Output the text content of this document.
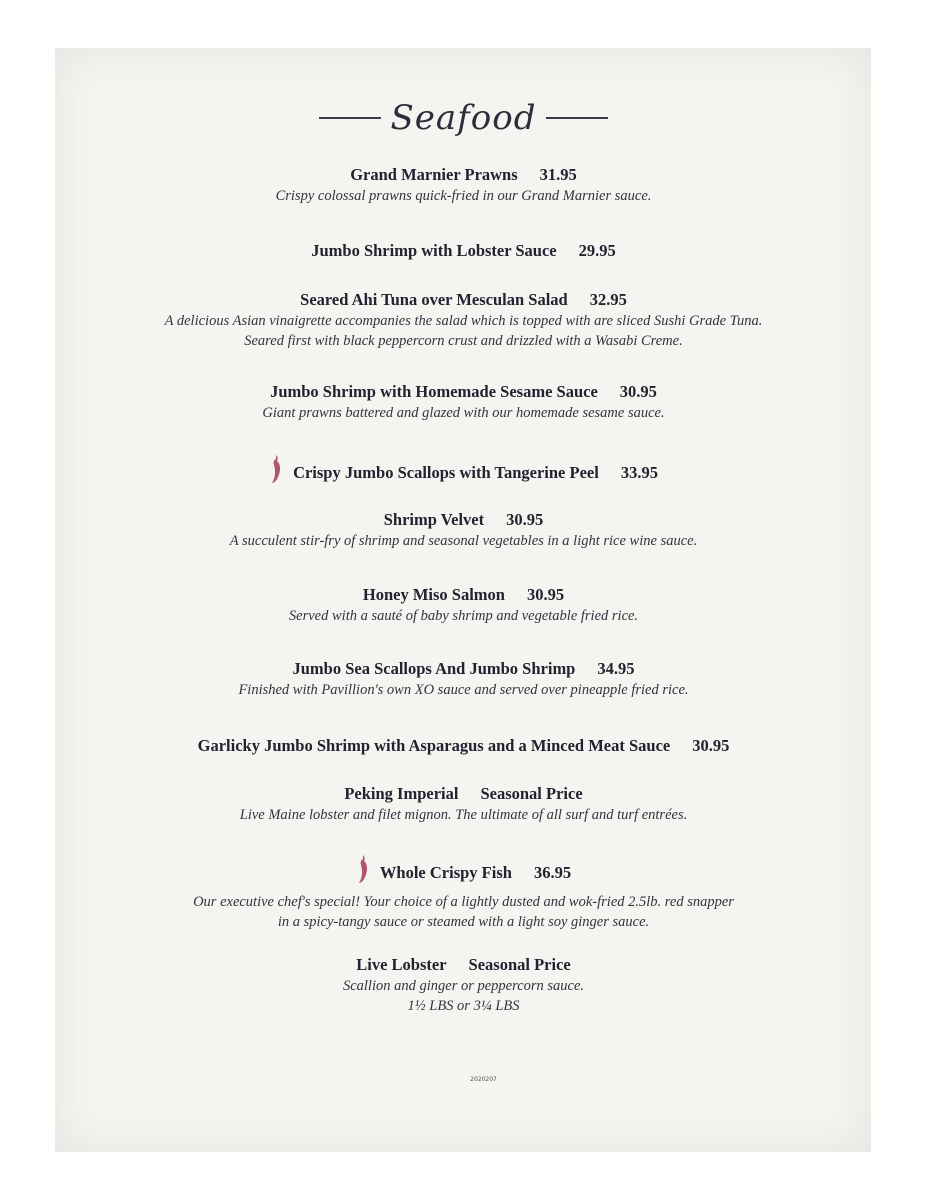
Seafood
Grand Marnier Prawns 31.95
Crispy colossal prawns quick-fried in our Grand Marnier sauce.
Jumbo Shrimp with Lobster Sauce 29.95
Seared Ahi Tuna over Mesculan Salad 32.95
A delicious Asian vinaigrette accompanies the salad which is topped with are sliced Sushi Grade Tuna.
Seared first with black peppercorn crust and drizzled with a Wasabi Creme.
Jumbo Shrimp with Homemade Sesame Sauce 30.95
Giant prawns battered and glazed with our homemade sesame sauce.
Crispy Jumbo Scallops with Tangerine Peel 33.95
Shrimp Velvet 30.95
A succulent stir-fry of shrimp and seasonal vegetables in a light rice wine sauce.
Honey Miso Salmon 30.95
Served with a sauté of baby shrimp and vegetable fried rice.
Jumbo Sea Scallops And Jumbo Shrimp 34.95
Finished with Pavillion's own XO sauce and served over pineapple fried rice.
Garlicky Jumbo Shrimp with Asparagus and a Minced Meat Sauce 30.95
Peking Imperial Seasonal Price
Live Maine lobster and filet mignon. The ultimate of all surf and turf entrées.
Whole Crispy Fish 36.95
Our executive chef's special! Your choice of a lightly dusted and wok-fried 2.5lb. red snapper
in a spicy-tangy sauce or steamed with a light soy ginger sauce.
Live Lobster Seasonal Price
Scallion and ginger or peppercorn sauce.
1½ LBS or 3¼ LBS
2020207
